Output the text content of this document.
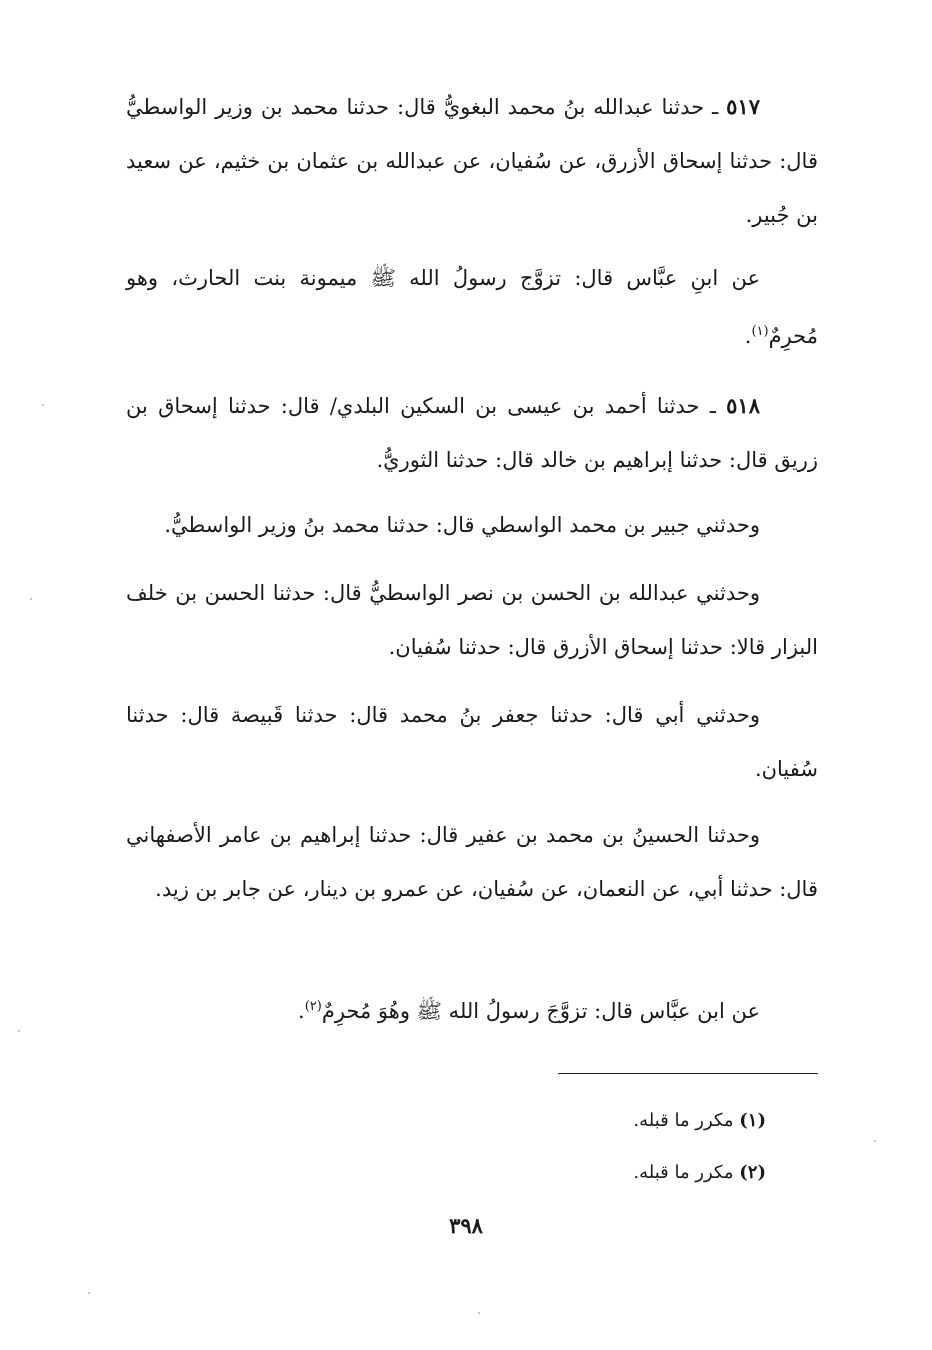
٥١٧ ـ حدثنا عبدالله بنُ محمد البغويُّ قال: حدثنا محمد بن وزير الواسطيُّ قال: حدثنا إسحاق الأزرق، عن سُفيان، عن عبدالله بن عثمان بن خثيم، عن سعيد بن جُبير.

عن ابنِ عبَّاس قال: تزوَّج رسولُ الله ﷺ ميمونة بنت الحارث، وهو مُحرِمٌ$^{(١)}$.

٥١٨ ـ حدثنا أحمد بن عيسى بن السكين البلدي/ قال: حدثنا إسحاق بن زريق قال: حدثنا إبراهيم بن خالد قال: حدثنا الثوريُّ.

وحدثني جبير بن محمد الواسطي قال: حدثنا محمد بنُ وزير الواسطيُّ.

وحدثني عبدالله بن الحسن بن نصر الواسطيُّ قال: حدثنا الحسن بن خلف البزار قالا: حدثنا إسحاق الأزرق قال: حدثنا سُفيان.

وحدثني أبي قال: حدثنا جعفر بنُ محمد قال: حدثنا قَبيصة قال: حدثنا سُفيان.

وحدثنا الحسينُ بن محمد بن عفير قال: حدثنا إبراهيم بن عامر الأصفهاني قال: حدثنا أبي، عن النعمان، عن سُفيان، عن عمرو بن دينار، عن جابر بن زيد.

عن ابن عبَّاس قال: تزوَّجَ رسولُ الله ﷺ وهُوَ مُحرِمٌ$^{(٢)}$.

(١) مكرر ما قبله.
(٢) مكرر ما قبله.
٣٩٨
